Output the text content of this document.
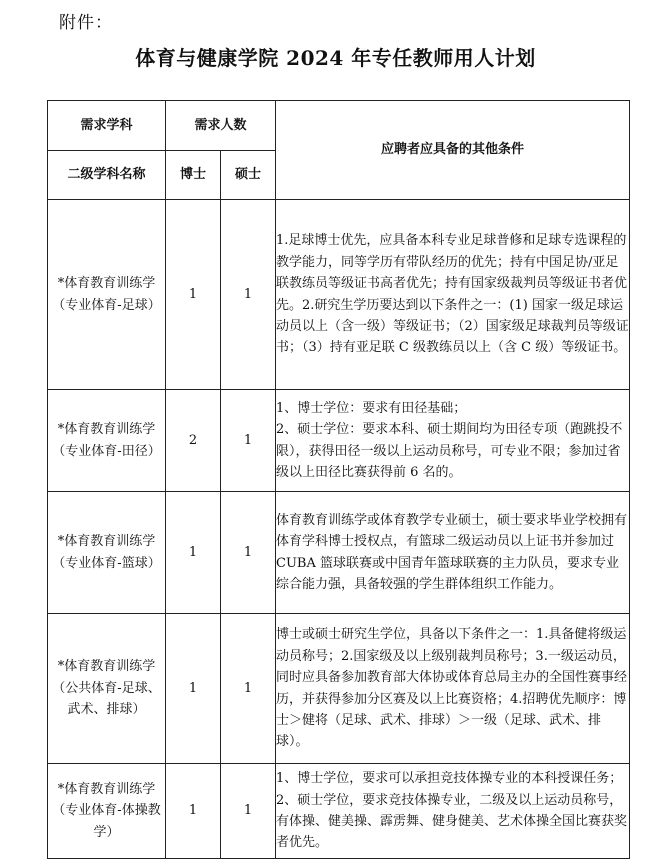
附件：
体育与健康学院 2024 年专任教师用人计划
需求学科	需求人数		应聘者应具备的其他条件
二级学科名称	博士	硕士	
*体育教育训练学（专业体育-足球）	1	1	1.足球博士优先，应具备本科专业足球普修和足球专选课程的教学能力，同等学历有带队经历的优先；持有中国足协/亚足联教练员等级证书高者优先；持有国家级裁判员等级证书者优先。2.研究生学历要达到以下条件之一：(1) 国家一级足球运动员以上（含一级）等级证书；（2）国家级足球裁判员等级证书；（3）持有亚足联 C 级教练员以上（含 C 级）等级证书。
*体育教育训练学（专业体育-田径）	2	1	1、博士学位：要求有田径基础；
2、硕士学位：要求本科、硕士期间均为田径专项（跑跳投不限），获得田径一级以上运动员称号，可专业不限；参加过省级以上田径比赛获得前 6 名的。
*体育教育训练学（专业体育-篮球）	1	1	体育教育训练学或体育教学专业硕士，硕士要求毕业学校拥有体育学科博士授权点，有篮球二级运动员以上证书并参加过CUBA 篮球联赛或中国青年篮球联赛的主力队员，要求专业综合能力强，具备较强的学生群体组织工作能力。
*体育教育训练学（公共体育-足球、武术、排球）	1	1	博士或硕士研究生学位，具备以下条件之一：1.具备健将级运动员称号；2.国家级及以上级别裁判员称号；3.一级运动员，同时应具备参加教育部大体协或体育总局主办的全国性赛事经历，并获得参加分区赛及以上比赛资格；4.招聘优先顺序：博士＞健将（足球、武术、排球）＞一级（足球、武术、排球）。
*体育教育训练学（专业体育-体操教学）	1	1	1、博士学位，要求可以承担竞技体操专业的本科授课任务；2、硕士学位，要求竞技体操专业，二级及以上运动员称号，有体操、健美操、霹雳舞、健身健美、艺术体操全国比赛获奖者优先。
